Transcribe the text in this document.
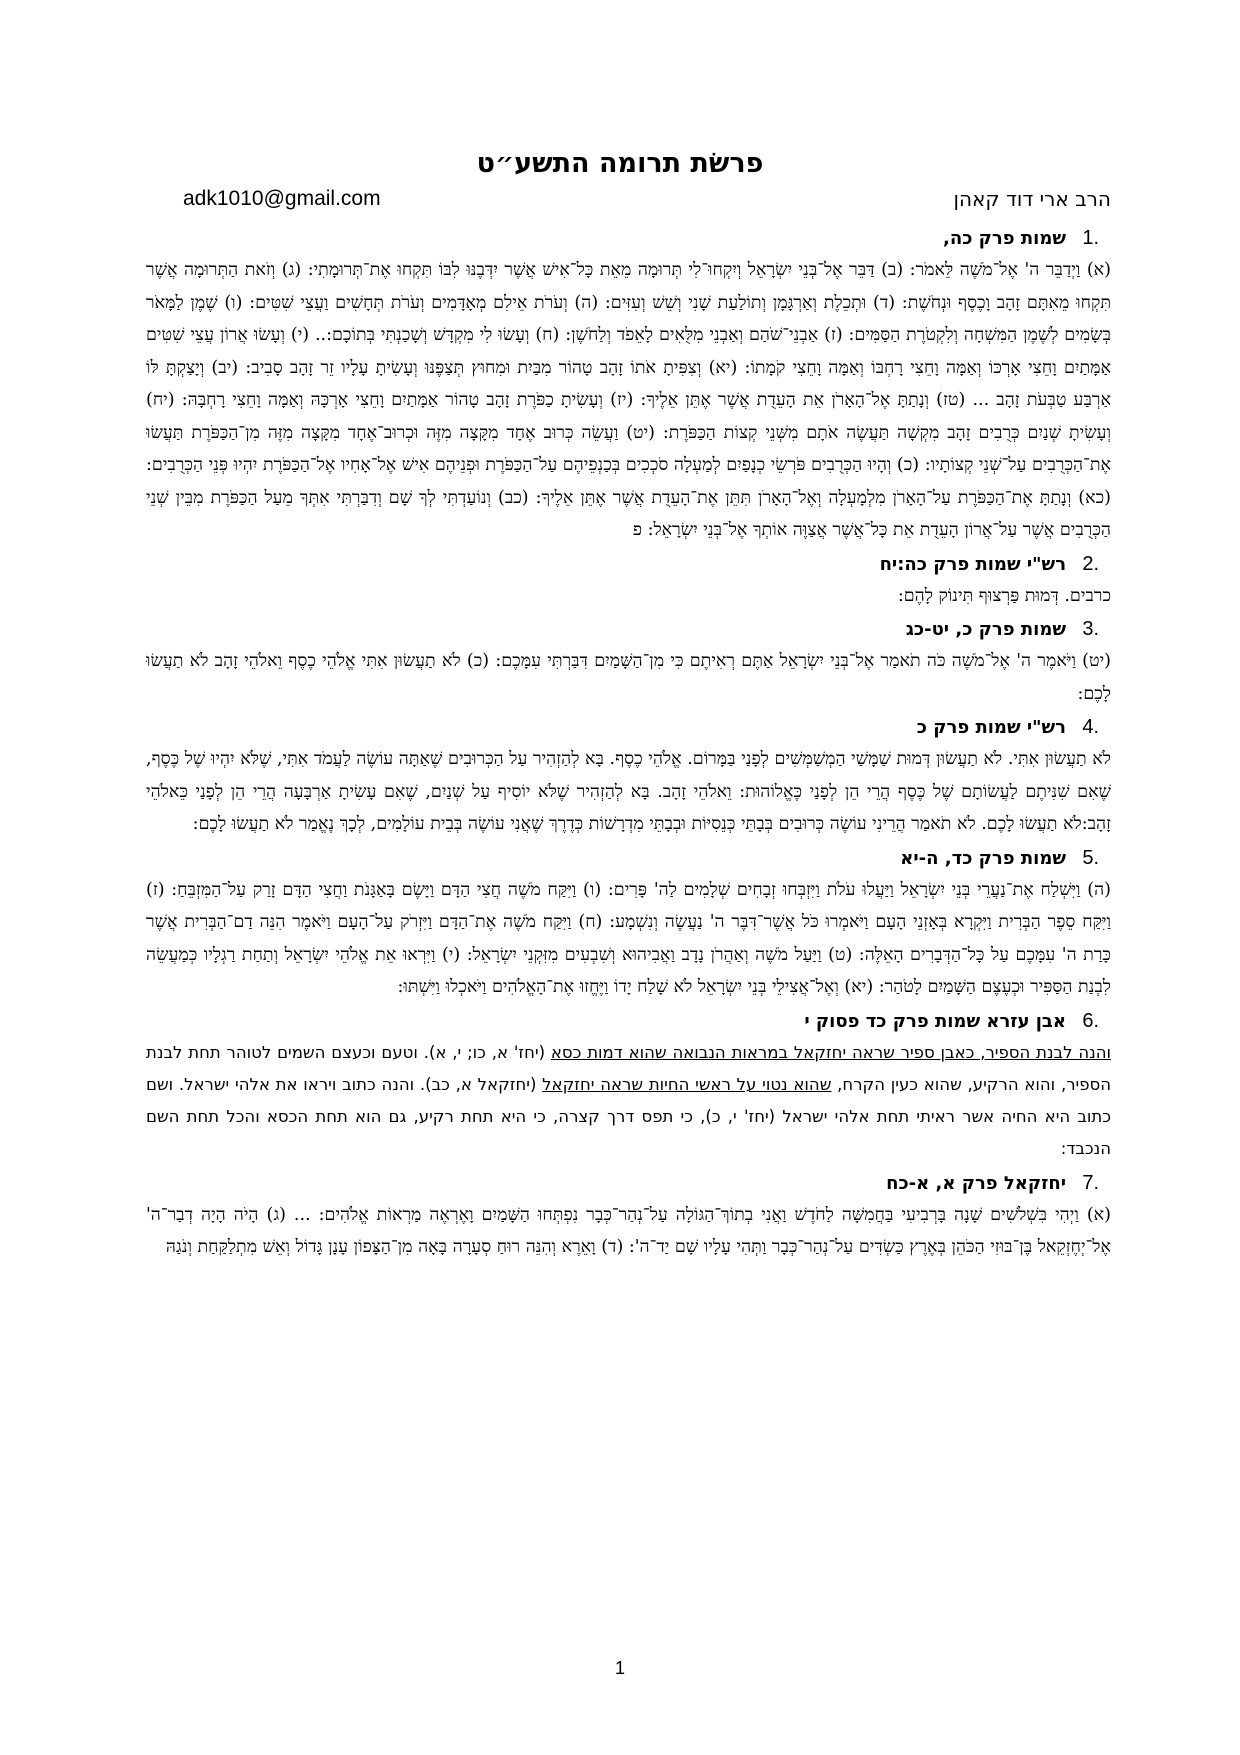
פרשׂת תרומה התשע״ט
הרב ארי דוד קאהן
adk1010@gmail.com
.1 שמות פרק כה,

(א) וַיְדַבֵּר ה' אֶל־מֹשֶׁה לֵּאמֹר: (ב) דַּבֵּר אֶל־בְּנֵי יִשְׂרָאֵל וְיִקְחוּ־לִי תְּרוּמָה מֵאֵת כָּל־אִישׁ אֲשֶׁר יִדְּבֶנּוּ לִבּוֹ תִּקְחוּ אֶת־תְּרוּמָתִי: (ג) וְזֹאת הַתְּרוּמָה אֲשֶׁר תִּקְחוּ מֵאִתָּם זָהָב וָכֶסֶף וּנְחֹשֶׁת: (ד) וּתְכֵלֶת וְאַרְגָּמָן וְתוֹלַעַת שָׁנִי וְשֵׁשׁ וְעִזִּים: (ה) וְעֹרֹת אֵילִם מְאָדָּמִים וְעֹרֹת תְּחָשִׁים וַעֲצֵי שִׁטִּים: (ו) שֶׁמֶן לַמָּאֹר בְּשָׂמִים לְשֶׁמֶן הַמִּשְׁחָה וְלִקְטֹרֶת הַסַּמִּים: (ז) אַבְנֵי־שֹׁהַם וְאַבְנֵי מִלֻּאִים לָאֵפֹד וְלַחֹשֶׁן: (ח) וְעָשׂוּ לִי מִקְדָּשׁ וְשָׁכַנְתִּי בְּתוֹכָם:.. (י) וְעָשׂוּ אֲרוֹן עֲצֵי שִׁטִּים אַמָּתַיִם וָחֵצִי אָרְכּוֹ וְאַמָּה וָחֵצִי רָחְבּוֹ וְאַמָּה וָחֵצִי קֹמָתוֹ: (יא) וְצִפִּיתָ אֹתוֹ זָהָב טָהוֹר מִבַּיִת וּמִחוּץ תְּצַפֶּנּוּ וְעָשִׂיתָ עָלָיו זֵר זָהָב סָבִיב: (יב) וְיָצַקְתָּ לּוֹ אַרְבַּע טַבְּעֹת זָהָב ... (טז) וְנָתַתָּ אֶל־הָאָרֹן אֵת הָעֵדֻת אֲשֶׁר אֶתֵּן אֵלֶיךָ: (יז) וְעָשִׂיתָ כַפֹּרֶת זָהָב טָהוֹר אַמָּתַיִם וָחֵצִי אָרְכָּהּ וְאַמָּה וָחֵצִי רָחְבָּהּ: (יח) וְעָשִׂיתָ שְׁנַיִם כְּרֻבִים זָהָב מִקְשָׁה תַּעֲשֶׂה אֹתָם מִשְּׁנֵי קְצוֹת הַכַּפֹּרֶת: (יט) וַעֲשֵׂה כְּרוּב אֶחָד מִקָּצָה מִזֶּה וּכְרוּב־אֶחָד מִקָּצָה מִזֶּה מִן־הַכַּפֹּרֶת תַּעֲשׂוּ אֶת־הַכְּרֻבִים עַל־שְׁנֵי קְצוֹתָיו: (כ) וְהָיוּ הַכְּרֻבִים פֹּרְשֵׂי כְנָפַיִם לְמַעְלָה סֹכְכִים בְּכַנְפֵיהֶם עַל־הַכַּפֹּרֶת וּפְנֵיהֶם אִישׁ אֶל־אָחִיו אֶל־הַכַּפֹּרֶת יִהְיוּ פְּנֵי הַכְּרֻבִים: (כא) וְנָתַתָּ אֶת־הַכַּפֹּרֶת עַל־הָאָרֹן מִלְמָעְלָה וְאֶל־הָאָרֹן תִּתֵּן אֶת־הָעֵדֻת אֲשֶׁר אֶתֵּן אֵלֶיךָ: (כב) וְנוֹעַדְתִּי לְךָ שָׁם וְדִבַּרְתִּי אִתְּךָ מֵעַל הַכַּפֹּרֶת מִבֵּין שְׁנֵי הַכְּרֻבִים אֲשֶׁר עַל־אֲרוֹן הָעֵדֻת אֵת כָּל־אֲשֶׁר אֲצַוֶּה אוֹתְךָ אֶל־בְּנֵי יִשְׂרָאֵל: פ

.2 רש"י שמות פרק כה:יח

כרבים. דְּמוּת פַּרְצוּף תִּינוֹק לָהֶם:

.3 שמות פרק כ, יט-כג

(יט) וַיֹּאמֶר ה' אֶל־מֹשֶׁה כֹּה תֹאמַר אֶל־בְּנֵי יִשְׂרָאֵל אַתֶּם רְאִיתֶם כִּי מִן־הַשָּׁמַיִם דִּבַּרְתִּי עִמָּכֶם: (כ) לֹא תַעֲשׂוּן אִתִּי אֱלֹהֵי כֶסֶף וֵאלֹהֵי זָהָב לֹא תַעֲשׂוּ לָכֶם:

.4 רש"י שמות פרק כ

לֹא תַעֲשׂוּן אִתִּי. לֹא תַעֲשׂוּן דְּמוּת שַׁמָּשַׁי הַמְשַׁמְּשִׁים לְפָנַי בַּמָּרוֹם. אֱלֹהֵי כֶסֶף. בָּא לְהַזְהִיר עַל הַכְּרוּבִים שֶׁאַתָּה עוֹשֶׂה לַעֲמֹד אִתִּי, שֶׁלֹּא יִהְיוּ שֶׁל כֶּסֶף, שֶׁאִם שִׁנִּיתֶם לַעֲשׂוֹתָם שֶׁל כֶּסֶף הֲרֵי הֵן לְפָנַי כֶּאֱלוֹהוּת: וֵאלֹהֵי זָהָב. בָּא לְהַזְהִיר שֶׁלֹּא יוֹסִיף עַל שְׁנַיִם, שֶׁאִם עָשִׂיתָ אַרְבָּעָה הֲרֵי הֵן לְפָנַי כֵּאלֹהֵי זָהָב:לֹא תַעֲשׂוּ לָכֶם. לֹא תֹאמַר הֲרֵינִי עוֹשֶׂה כְּרוּבִים בְּבָתֵּי כְּנֵסִיּוֹת וּבְבָתֵּי מִדְרָשׁוֹת כְּדֶרֶךְ שֶׁאֲנִי עוֹשֶׂה בְּבֵית עוֹלָמִים, לְכָךְ נֶאֱמַר לֹא תַעֲשׂוּ לָכֶם:

.5 שמות פרק כד, ה-יא

(ה) וַיִּשְׁלַח אֶת־נַעֲרֵי בְּנֵי יִשְׂרָאֵל וַיַּעֲלוּ עֹלֹת וַיִּזְבְּחוּ זְבָחִים שְׁלָמִים לַה' פָּרִים: (ו) וַיִּקַּח מֹשֶׁה חֲצִי הַדָּם וַיָּשֶׂם בָּאַגָּנֹת וַחֲצִי הַדָּם זָרַק עַל־הַמִּזְבֵּחַ: (ז) וַיִּקַּח סֵפֶר הַבְּרִית וַיִּקְרָא בְּאָזְנֵי הָעָם וַיֹּאמְרוּ כֹּל אֲשֶׁר־דִּבֶּר ה' נַעֲשֶׂה וְנִשְׁמָע: (ח) וַיִּקַּח מֹשֶׁה אֶת־הַדָּם וַיִּזְרֹק עַל־הָעָם וַיֹּאמֶר הִנֵּה דַם־הַבְּרִית אֲשֶׁר כָּרַת ה' עִמָּכֶם עַל כָּל־הַדְּבָרִים הָאֵלֶּה: (ט) וַיַּעַל מֹשֶׁה וְאַהֲרֹן נָדָב וַאֲבִיהוּא וְשִׁבְעִים מִזִּקְנֵי יִשְׂרָאֵל: (י) וַיִּרְאוּ אֵת אֱלֹהֵי יִשְׂרָאֵל וְתַחַת רַגְלָיו כְּמַעֲשֵׂה לִבְנַת הַסַּפִּיר וּכְעֶצֶם הַשָּׁמַיִם לָטֹהַר: (יא) וְאֶל־אֲצִילֵי בְּנֵי יִשְׂרָאֵל לֹא שָׁלַח יָדוֹ וַיֶּחֱזוּ אֶת־הָאֱלֹהִים וַיֹּאכְלוּ וַיִּשְׁתּוּ:

.6 אבן עזרא שמות פרק כד פסוק י

והנה לבנת הספיר, כאבן ספיר שראה יחזקאל במראות הנבואה שהוא דמות כסא (יחז' א, כו; י, א). וטעם וכעצם השמים לטוהר תחת לבנת הספיר, והוא הרקיע, שהוא כעין הקרח, שהוא נטוי על ראשי החיות שראה יחזקאל (יחזקאל א, כב). והנה כתוב ויראו את אלהי ישראל. ושם כתוב היא החיה אשר ראיתי תחת אלהי ישראל (יחז' י, כ), כי תפס דרך קצרה, כי היא תחת רקיע, גם הוא תחת הכסא והכל תחת השם הנכבד:

.7 יחזקאל פרק א, א-כח

(א) וַיְהִי בִּשְׁלֹשִׁים שָׁנָה בָּרְבִיעִי בַּחֲמִשָּׁה לַחֹדֶשׁ וַאֲנִי בְתוֹךְ־הַגּוֹלָה עַל־נְהַר־כְּבָר נִפְתְּחוּ הַשָּׁמַיִם וָאֶרְאֶה מַרְאוֹת אֱלֹהִים: ... (ג) הָיֹה הָיָה דְבַר־ה' אֶל־יְחֶזְקֵאל בֶּן־בּוּזִי הַכֹּהֵן בְּאֶרֶץ כַּשְׂדִּים עַל־נְהַר־כְּבָר וַתְּהִי עָלָיו שָׁם יַד־ה': (ד) וָאֵרֶא וְהִנֵּה רוּחַ סְעָרָה בָּאָה מִן־הַצָּפוֹן עָנָן גָּדוֹל וְאֵשׁ מִתְלַקַּחַת וְנֹגַהּ

1
